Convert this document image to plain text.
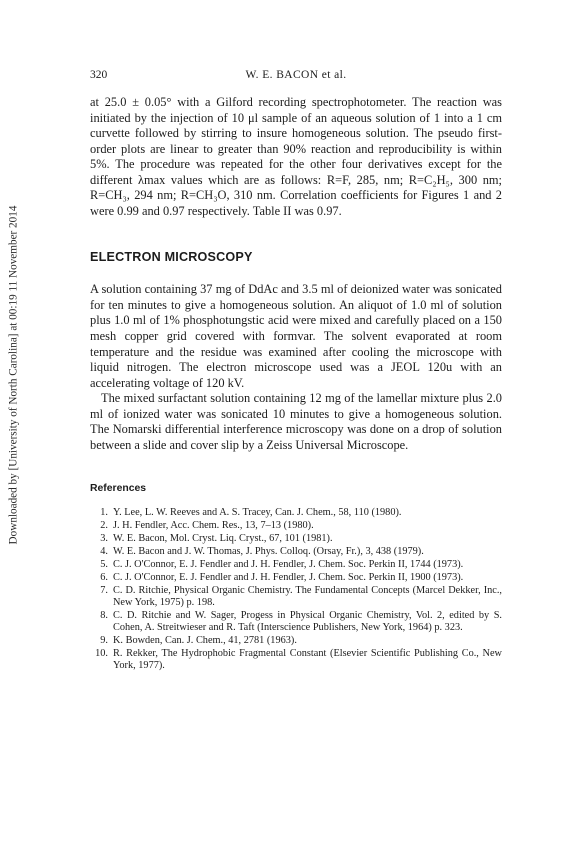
Downloaded by [University of North Carolina] at 00:19 11 November 2014
320	W. E. BACON et al.

at 25.0 ± 0.05° with a Gilford recording spectrophotometer. The reaction was initiated by the injection of 10 μl sample of an aqueous solution of 1 into a 1 cm curvette followed by stirring to insure homogeneous solution. The pseudo first-order plots are linear to greater than 90% reaction and reproducibility is within 5%. The procedure was repeated for the other four derivatives except for the different λmax values which are as follows: R=F, 285, nm; R=C₂H₅, 300 nm; R=CH₃, 294 nm; R=CH₃O, 310 nm. Correlation coefficients for Figures 1 and 2 were 0.99 and 0.97 respectively. Table II was 0.97.

ELECTRON MICROSCOPY

A solution containing 37 mg of DdAc and 3.5 ml of deionized water was sonicated for ten minutes to give a homogeneous solution. An aliquot of 1.0 ml of solution plus 1.0 ml of 1% phosphotungstic acid were mixed and carefully placed on a 150 mesh copper grid covered with formvar. The solvent evaporated at room temperature and the residue was examined after cooling the microscope with liquid nitrogen. The electron microscope used was a JEOL 120u with an accelerating voltage of 120 kV.

The mixed surfactant solution containing 12 mg of the lamellar mixture plus 2.0 ml of ionized water was sonicated 10 minutes to give a homogeneous solution. The Nomarski differential interference microscopy was done on a drop of solution between a slide and cover slip by a Zeiss Universal Microscope.

References
1. Y. Lee, L. W. Reeves and A. S. Tracey, Can. J. Chem., 58, 110 (1980).
2. J. H. Fendler, Acc. Chem. Res., 13, 7–13 (1980).
3. W. E. Bacon, Mol. Cryst. Liq. Cryst., 67, 101 (1981).
4. W. E. Bacon and J. W. Thomas, J. Phys. Colloq. (Orsay, Fr.), 3, 438 (1979).
5. C. J. O'Connor, E. J. Fendler and J. H. Fendler, J. Chem. Soc. Perkin II, 1744 (1973).
6. C. J. O'Connor, E. J. Fendler and J. H. Fendler, J. Chem. Soc. Perkin II, 1900 (1973).
7. C. D. Ritchie, Physical Organic Chemistry. The Fundamental Concepts (Marcel Dekker, Inc., New York, 1975) p. 198.
8. C. D. Ritchie and W. Sager, Progess in Physical Organic Chemistry, Vol. 2, edited by S. Cohen, A. Streitwieser and R. Taft (Interscience Publishers, New York, 1964) p. 323.
9. K. Bowden, Can. J. Chem., 41, 2781 (1963).
10. R. Rekker, The Hydrophobic Fragmental Constant (Elsevier Scientific Publishing Co., New York, 1977).
